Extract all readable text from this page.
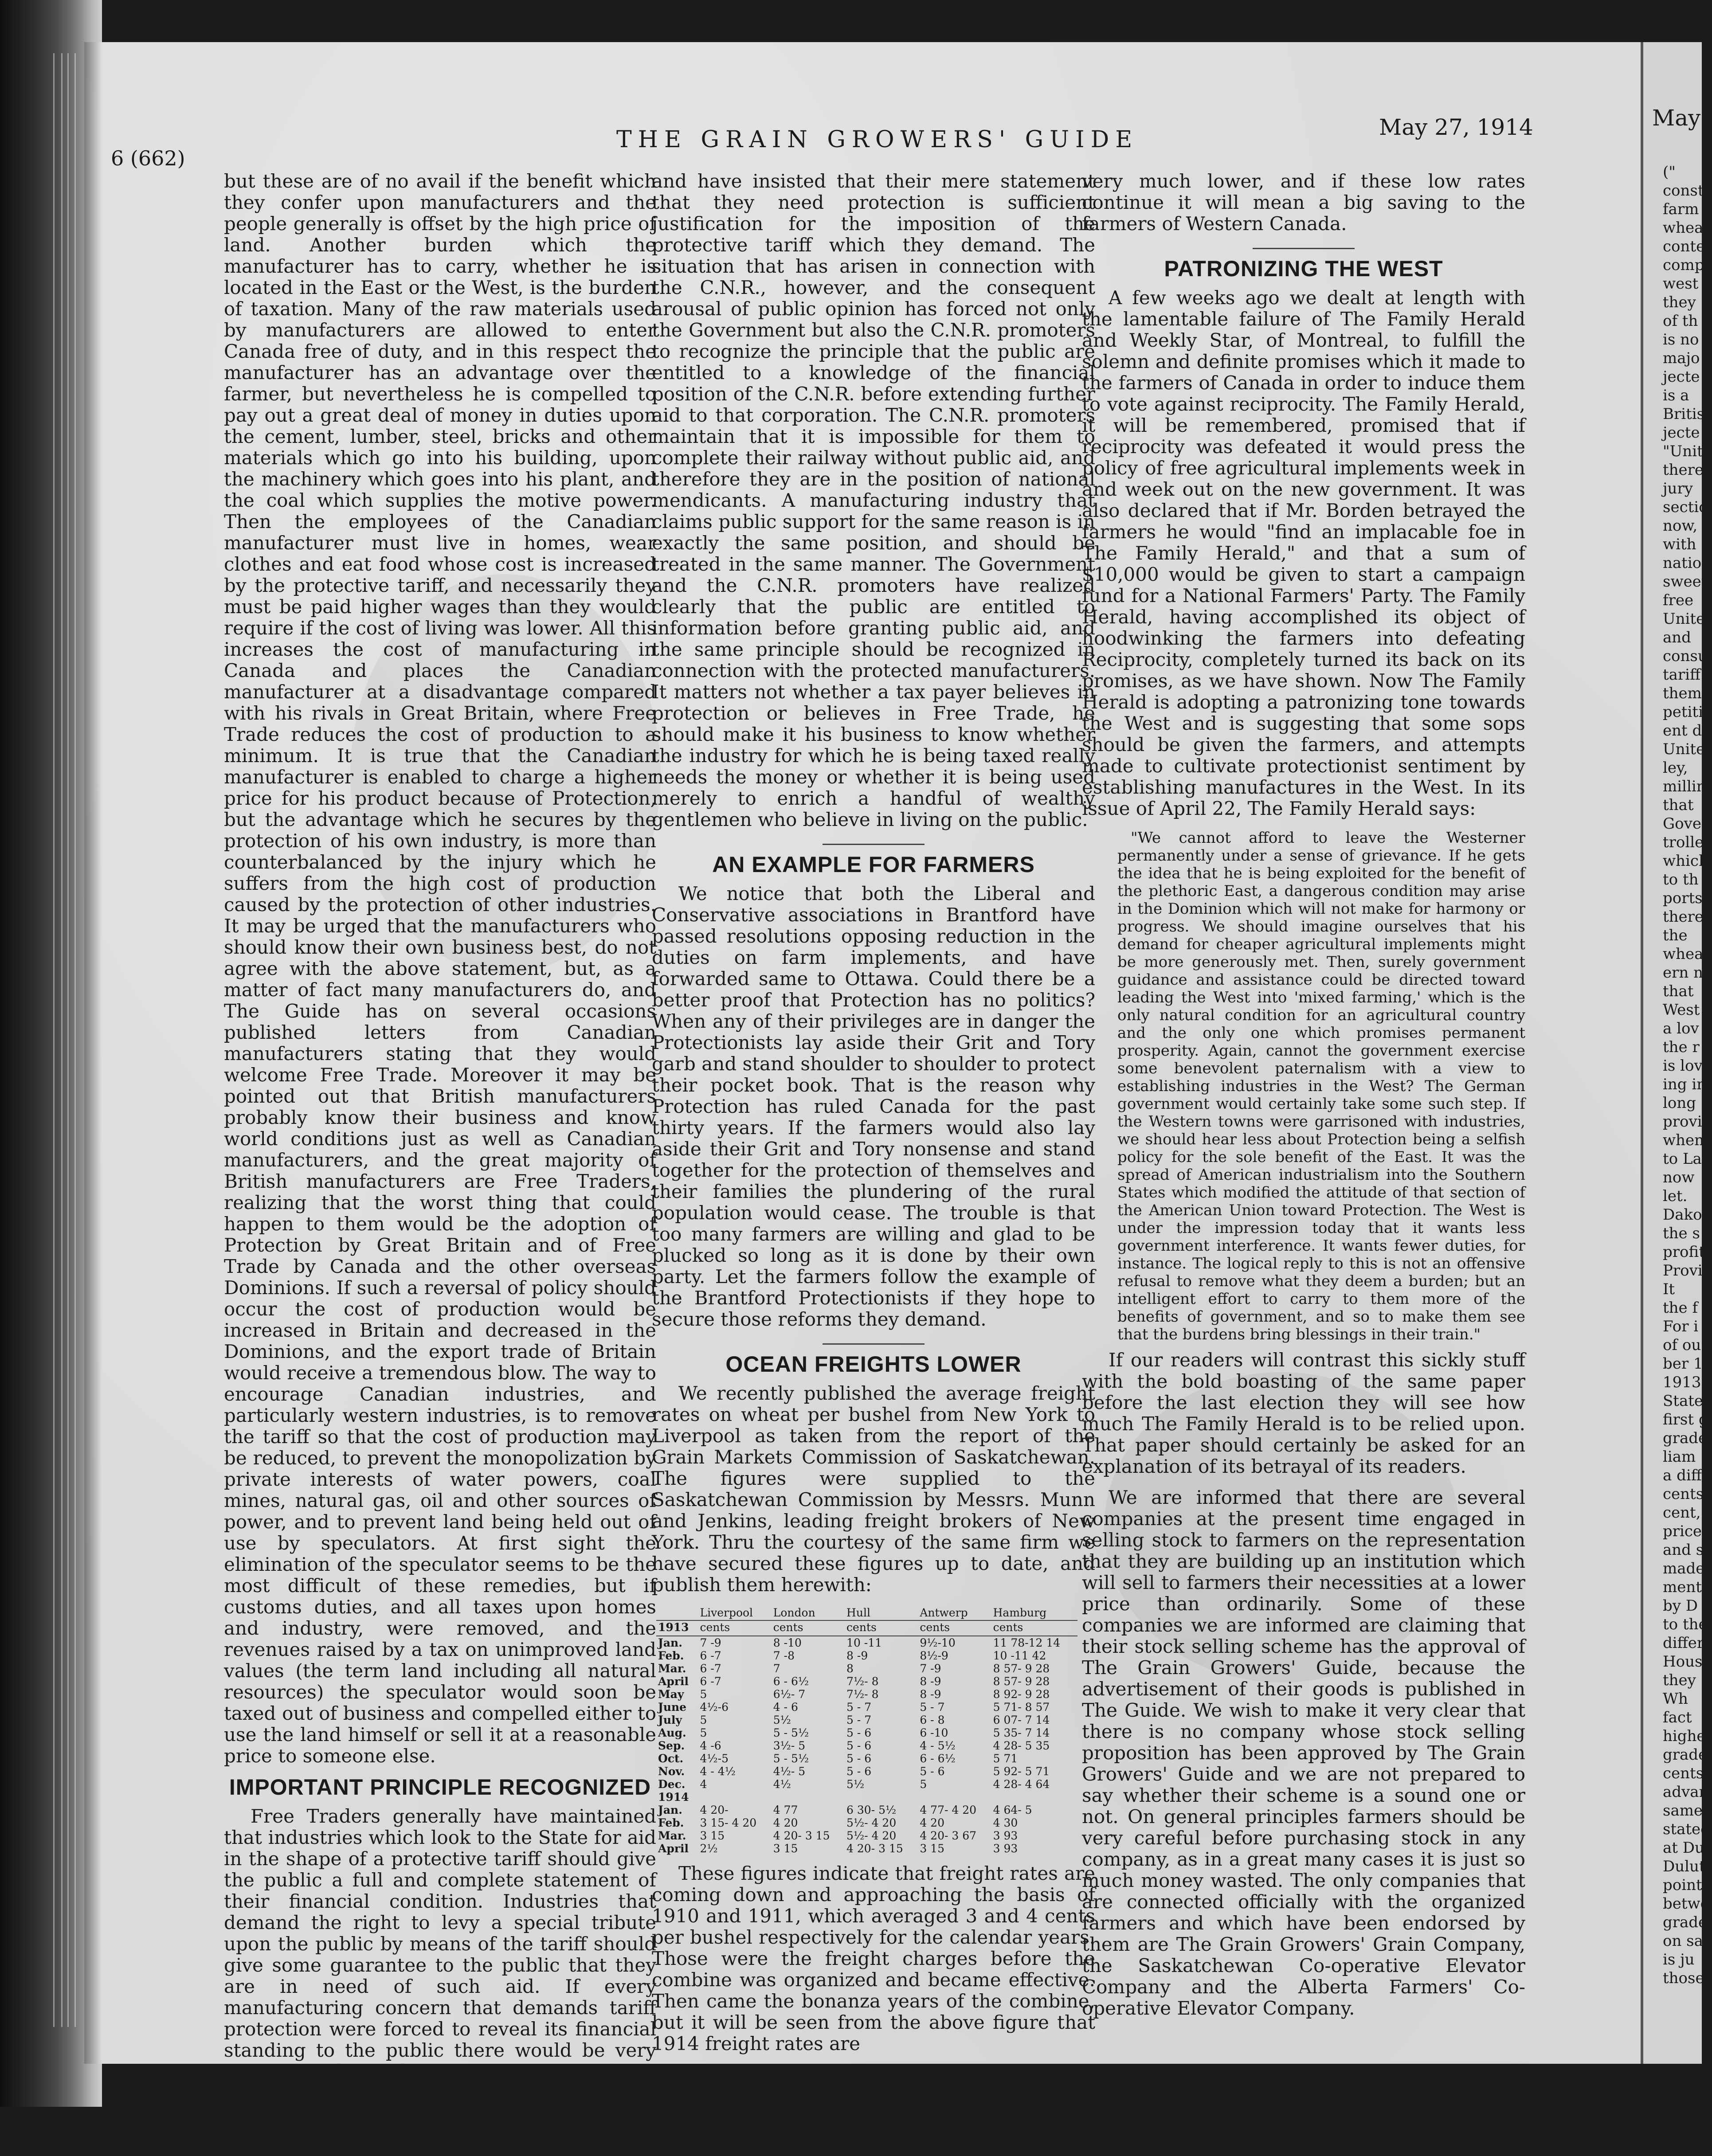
6 (662)
THE GRAIN GROWERS' GUIDE	May 27, 1914

but these are of no avail if the benefit which they confer upon manufacturers and the people generally is offset by the high price of land. Another burden which the manufacturer has to carry, whether he is located in the East or the West, is the burden of taxation. Many of the raw materials used by manufacturers are allowed to enter Canada free of duty, and in this respect the manufacturer has an advantage over the farmer, but nevertheless he is compelled to pay out a great deal of money in duties upon the cement, lumber, steel, bricks and other materials which go into his building, upon the machinery which goes into his plant, and the coal which supplies the motive power. Then the employees of the Canadian manufacturer must live in homes, wear clothes and eat food whose cost is increased by the protective tariff, and necessarily they must be paid higher wages than they would require if the cost of living was lower. All this increases the cost of manufacturing in Canada and places the Canadian manufacturer at a disadvantage compared with his rivals in Great Britain, where Free Trade reduces the cost of production to a minimum. It is true that the Canadian manufacturer is enabled to charge a higher price for his product because of Protection, but the advantage which he secures by the protection of his own industry, is more than counterbalanced by the injury which he suffers from the high cost of production caused by the protection of other industries. It may be urged that the manufacturers who should know their own business best, do not agree with the above statement, but, as a matter of fact many manufacturers do, and The Guide has on several occasions published letters from Canadian manufacturers stating that they would welcome Free Trade. Moreover it may be pointed out that British manufacturers probably know their business and know world conditions just as well as Canadian manufacturers, and the great majority of British manufacturers are Free Traders, realizing that the worst thing that could happen to them would be the adoption of Protection by Great Britain and of Free Trade by Canada and the other overseas Dominions. If such a reversal of policy should occur the cost of production would be increased in Britain and decreased in the Dominions, and the export trade of Britain would receive a tremendous blow. The way to encourage Canadian industries, and particularly western industries, is to remove the tariff so that the cost of production may be reduced, to prevent the monopolization by private interests of water powers, coal mines, natural gas, oil and other sources of power, and to prevent land being held out of use by speculators. At first sight the elimination of the speculator seems to be the most difficult of these remedies, but if customs duties, and all taxes upon homes and industry, were removed, and the revenues raised by a tax on unimproved land values (the term land including all natural resources) the speculator would soon be taxed out of business and compelled either to use the land himself or sell it at a reasonable price to someone else.

IMPORTANT PRINCIPLE RECOGNIZED

Free Traders generally have maintained that industries which look to the State for aid in the shape of a protective tariff should give the public a full and complete statement of their financial condition. Industries that demand the right to levy a special tribute upon the public by means of the tariff should give some guarantee to the public that they are in need of such aid. If every manufacturing concern that demands tariff protection were forced to reveal its financial standing to the public there would be very much less demand for tariff protection. The protectionists, however, and the governments which they control, have always denied this information to the public,

and have insisted that their mere statement that they need protection is sufficient justification for the imposition of the protective tariff which they demand. The situation that has arisen in connection with the C.N.R., however, and the consequent arousal of public opinion has forced not only the Government but also the C.N.R. promoters to recognize the principle that the public are entitled to a knowledge of the financial position of the C.N.R. before extending further aid to that corporation. The C.N.R. promoters maintain that it is impossible for them to complete their railway without public aid, and therefore they are in the position of national mendicants. A manufacturing industry that claims public support for the same reason is in exactly the same position, and should be treated in the same manner. The Government and the C.N.R. promoters have realized clearly that the public are entitled to information before granting public aid, and the same principle should be recognized in connection with the protected manufacturers. It matters not whether a tax payer believes in protection or believes in Free Trade, he should make it his business to know whether the industry for which he is being taxed really needs the money or whether it is being used merely to enrich a handful of wealthy gentlemen who believe in living on the public.

AN EXAMPLE FOR FARMERS

We notice that both the Liberal and Conservative associations in Brantford have passed resolutions opposing reduction in the duties on farm implements, and have forwarded same to Ottawa. Could there be a better proof that Protection has no politics? When any of their privileges are in danger the Protectionists lay aside their Grit and Tory garb and stand shoulder to shoulder to protect their pocket book. That is the reason why Protection has ruled Canada for the past thirty years. If the farmers would also lay aside their Grit and Tory nonsense and stand together for the protection of themselves and their families the plundering of the rural population would cease. The trouble is that too many farmers are willing and glad to be plucked so long as it is done by their own party. Let the farmers follow the example of the Brantford Protectionists if they hope to secure those reforms they demand.

OCEAN FREIGHTS LOWER

We recently published the average freight rates on wheat per bushel from New York to Liverpool as taken from the report of the Grain Markets Commission of Saskatchewan. The figures were supplied to the Saskatchewan Commission by Messrs. Munn and Jenkins, leading freight brokers of New York. Thru the courtesy of the same firm we have secured these figures up to date, and publish them herewith:

	Liverpool	London	Hull	Antwerp	Hamburg
1913	cents	cents	cents	cents	cents
Jan.	7 -9	8 -10	10 -11	9½-10	11 78-12 14
Feb.	6 -7	7 -8	8 -9	8½-9	10 -11 42
Mar.	6 -7	7	8	7 -9	8 57- 9 28
April	6 -7	6 - 6½	7½- 8	8 -9	8 57- 9 28
May	5	6½- 7	7½- 8	8 -9	8 92- 9 28
June	4½-6	4 - 6	5 - 7	5 - 7	5 71- 8 57
July	5	5½	5 - 7	6 - 8	6 07- 7 14
Aug.	5	5 - 5½	5 - 6	6 -10	5 35- 7 14
Sep.	4 -6	3½- 5	5 - 6	4 - 5½	4 28- 5 35
Oct.	4½-5	5 - 5½	5 - 6	6 - 6½	5 71
Nov.	4 - 4½	4½- 5	5 - 6	5 - 6	5 92- 5 71
Dec.	4	4½	5½	5	4 28- 4 64
1914					
Jan.	4 20-	4 77	6 30- 5½	4 77- 4 20	4 64- 5
Feb.	3 15- 4 20	4 20	5½- 4 20	4 20	4 30
Mar.	3 15	4 20- 3 15	5½- 4 20	4 20- 3 67	3 93
April	2½	3 15	4 20- 3 15	3 15	3 93

These figures indicate that freight rates are coming down and approaching the basis of 1910 and 1911, which averaged 3 and 4 cents per bushel respectively for the calendar years. Those were the freight charges before the combine was organized and became effective. Then came the bonanza years of the combine, but it will be seen from the above figure that 1914 freight rates are

very much lower, and if these low rates continue it will mean a big saving to the farmers of Western Canada.

PATRONIZING THE WEST

A few weeks ago we dealt at length with the lamentable failure of The Family Herald and Weekly Star, of Montreal, to fulfill the solemn and definite promises which it made to the farmers of Canada in order to induce them to vote against reciprocity. The Family Herald, it will be remembered, promised that if reciprocity was defeated it would press the policy of free agricultural implements week in and week out on the new government. It was also declared that if Mr. Borden betrayed the farmers he would "find an implacable foe in The Family Herald," and that a sum of $10,000 would be given to start a campaign fund for a National Farmers' Party. The Family Herald, having accomplished its object of hoodwinking the farmers into defeating Reciprocity, completely turned its back on its promises, as we have shown. Now The Family Herald is adopting a patronizing tone towards the West and is suggesting that some sops should be given the farmers, and attempts made to cultivate protectionist sentiment by establishing manufactures in the West. In its issue of April 22, The Family Herald says:

"We cannot afford to leave the Westerner permanently under a sense of grievance. If he gets the idea that he is being exploited for the benefit of the plethoric East, a dangerous condition may arise in the Dominion which will not make for harmony or progress. We should imagine ourselves that his demand for cheaper agricultural implements might be more generously met. Then, surely government guidance and assistance could be directed toward leading the West into 'mixed farming,' which is the only natural condition for an agricultural country and the only one which promises permanent prosperity. Again, cannot the government exercise some benevolent paternalism with a view to establishing industries in the West? The German government would certainly take some such step. If the Western towns were garrisoned with industries, we should hear less about Protection being a selfish policy for the sole benefit of the East. It was the spread of American industrialism into the Southern States which modified the attitude of that section of the American Union toward Protection. The West is under the impression today that it wants less government interference. It wants fewer duties, for instance. The logical reply to this is not an offensive refusal to remove what they deem a burden; but an intelligent effort to carry to them more of the benefits of government, and so to make them see that the burdens bring blessings in their train."

If our readers will contrast this sickly stuff with the bold boasting of the same paper before the last election they will see how much The Family Herald is to be relied upon. That paper should certainly be asked for an explanation of its betrayal of its readers.

We are informed that there are several companies at the present time engaged in selling stock to farmers on the representation that they are building up an institution which will sell to farmers their necessities at a lower price than ordinarily. Some of these companies we are informed are claiming that their stock selling scheme has the approval of The Grain Growers' Guide, because the advertisement of their goods is published in The Guide. We wish to make it very clear that there is no company whose stock selling proposition has been approved by The Grain Growers' Guide and we are not prepared to say whether their scheme is a sound one or not. On general principles farmers should be very careful before purchasing stock in any company, as in a great many cases it is just so much money wasted. The only companies that are connected officially with the organized farmers and which have been endorsed by them are The Grain Growers' Grain Company, the Saskatchewan Co-operative Elevator Company and the Alberta Farmers' Co-operative Elevator Company.

May
("
const
farm
whea
conte
comp
west
they
of th
is no
majo
jecte
is a
Britis
jecte
"Unite
there
jury
sectic
now,
with
natio
sweet
free
Unite
and
consu
tariff
them
petiti
ent d
Unite
ley,
millin
that
Gove
trolle
which
to th
ports
there
the
whea
ern n
that
West
a lov
the r
is lov
ing in
long
provi
when
to La
now
let.
Dako
the s
profit
Provi
It
the f
For i
of ou
ber 1
1913,
State
first g
grade
liam
a diff
cents
cent,
prices
and s
made
ment
by D
to the
differ
House
they
Wh
fact
highe
grade
cents
advan
same
stated
at Du
Dulut
point
betwe
grade
on sa
is ju
those
